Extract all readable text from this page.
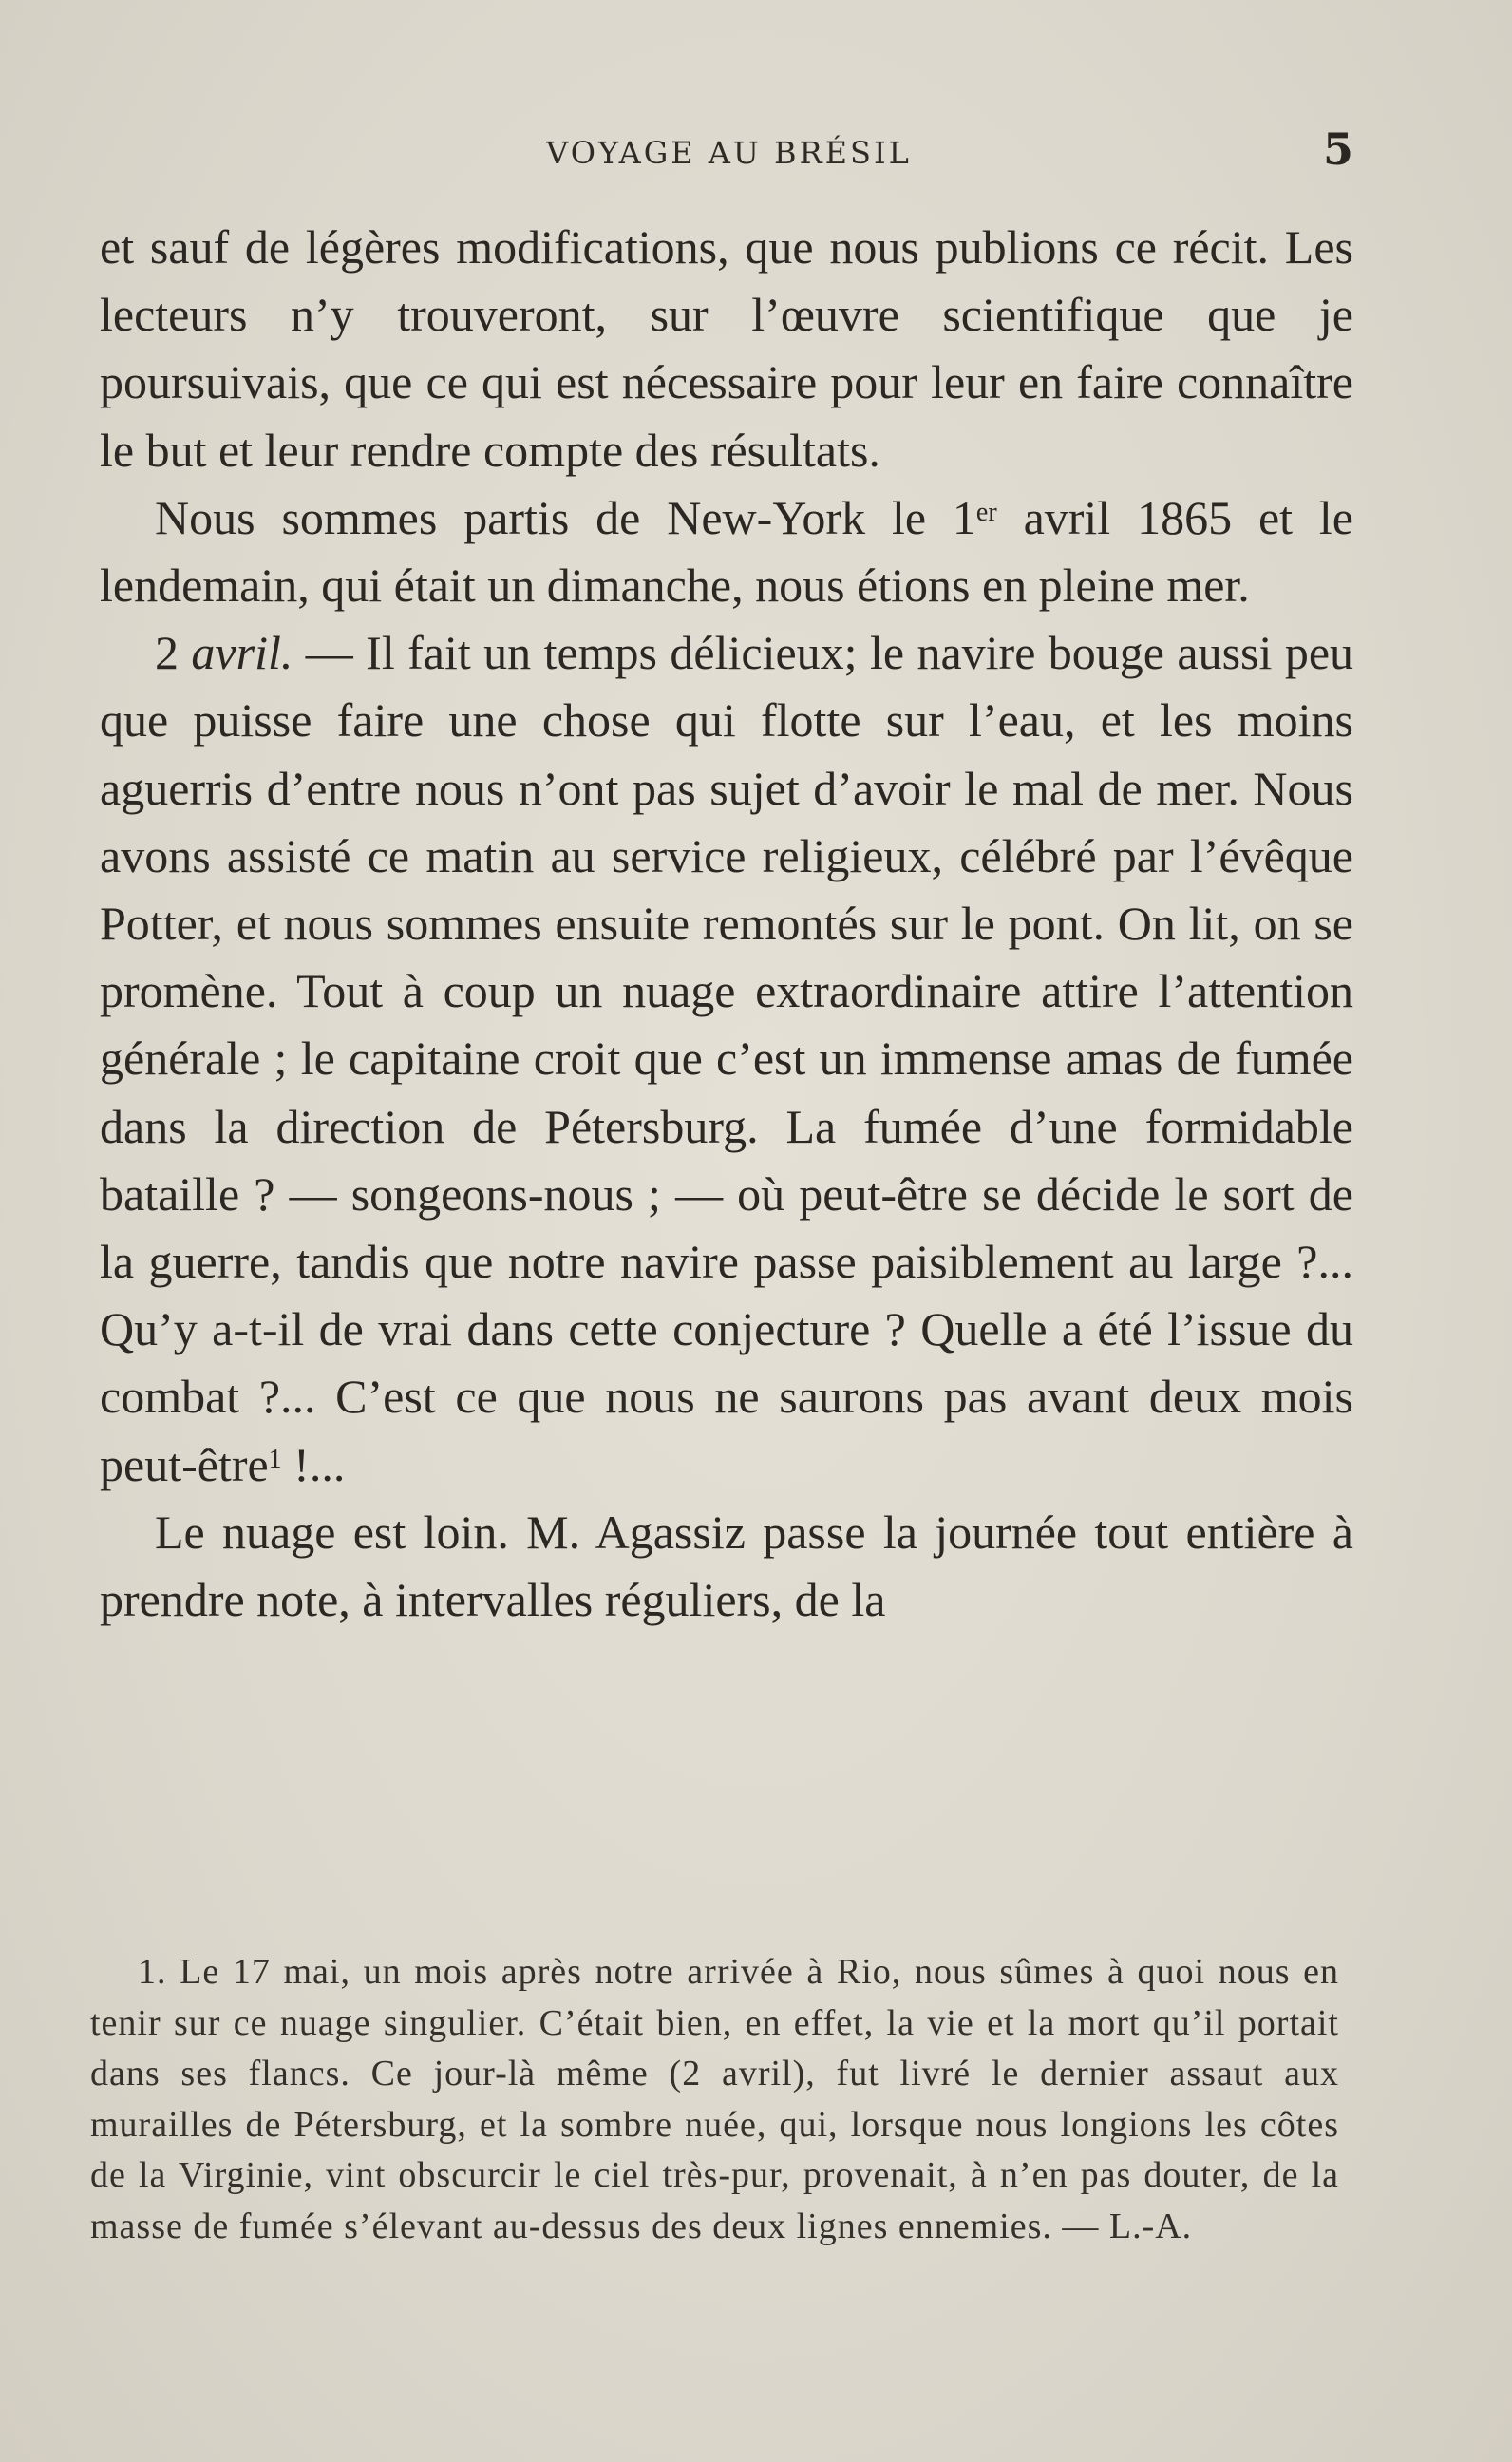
VOYAGE AU BRÉSIL	5

et sauf de légères modifications, que nous publions ce récit. Les lecteurs n’y trouveront, sur l’œuvre scientifique que je poursuivais, que ce qui est nécessaire pour leur en faire connaître le but et leur rendre compte des résultats.

Nous sommes partis de New-York le 1er avril 1865 et le lendemain, qui était un dimanche, nous étions en pleine mer.

2 avril. — Il fait un temps délicieux; le navire bouge aussi peu que puisse faire une chose qui flotte sur l’eau, et les moins aguerris d’entre nous n’ont pas sujet d’avoir le mal de mer. Nous avons assisté ce matin au service religieux, célébré par l’évêque Potter, et nous sommes ensuite remontés sur le pont. On lit, on se promène. Tout à coup un nuage extraordinaire attire l’attention générale ; le capitaine croit que c’est un immense amas de fumée dans la direction de Pétersburg. La fumée d’une formidable bataille ? — songeons-nous ; — où peut-être se décide le sort de la guerre, tandis que notre navire passe paisiblement au large ?... Qu’y a-t-il de vrai dans cette conjecture ? Quelle a été l’issue du combat ?... C’est ce que nous ne saurons pas avant deux mois peut-être$^1$ !...

Le nuage est loin. M. Agassiz passe la journée tout entière à prendre note, à intervalles réguliers, de la

1. Le 17 mai, un mois après notre arrivée à Rio, nous sûmes à quoi nous en tenir sur ce nuage singulier. C’était bien, en effet, la vie et la mort qu’il portait dans ses flancs. Ce jour-là même (2 avril), fut livré le dernier assaut aux murailles de Pétersburg, et la sombre nuée, qui, lorsque nous longions les côtes de la Virginie, vint obscurcir le ciel très-pur, provenait, à n’en pas douter, de la masse de fumée s’élevant au-dessus des deux lignes ennemies. — L.-A.
